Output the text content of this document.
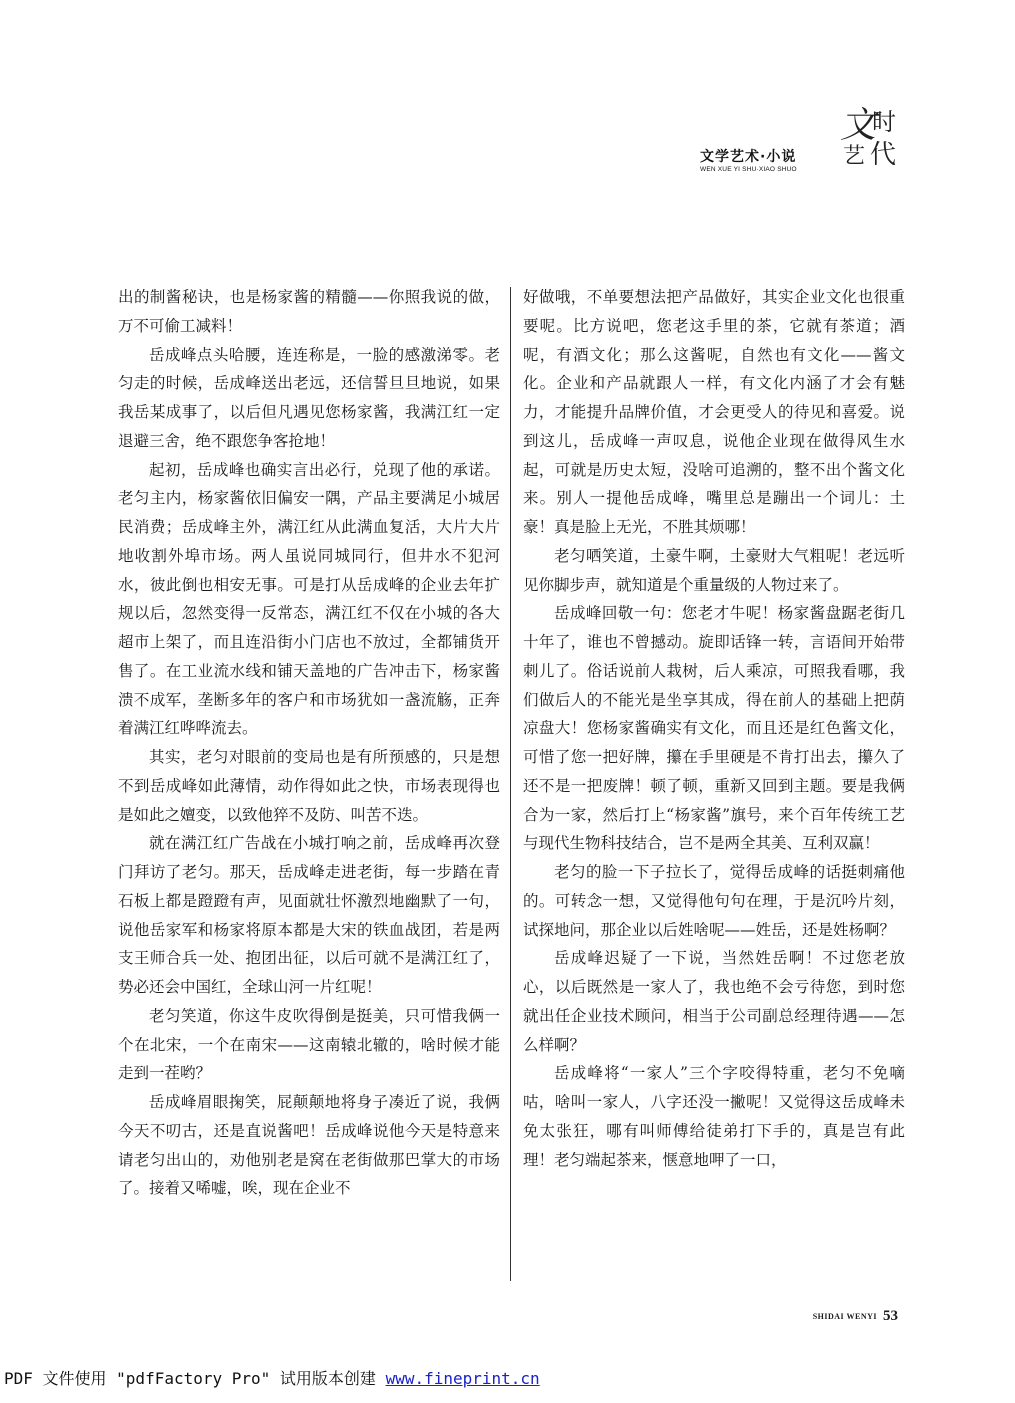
文学艺术·小说
WEN XUE YI SHU·XIAO SHUO
文
时
艺 代

出的制酱秘诀，也是杨家酱的精髓——你照我说的做，万不可偷工减料！

岳成峰点头哈腰，连连称是，一脸的感激涕零。老匀走的时候，岳成峰送出老远，还信誓旦旦地说，如果我岳某成事了，以后但凡遇见您杨家酱，我满江红一定退避三舍，绝不跟您争客抢地！

起初，岳成峰也确实言出必行，兑现了他的承诺。老匀主内，杨家酱依旧偏安一隅，产品主要满足小城居民消费；岳成峰主外，满江红从此满血复活，大片大片地收割外埠市场。两人虽说同城同行，但井水不犯河水，彼此倒也相安无事。可是打从岳成峰的企业去年扩规以后，忽然变得一反常态，满江红不仅在小城的各大超市上架了，而且连沿街小门店也不放过，全都铺货开售了。在工业流水线和铺天盖地的广告冲击下，杨家酱溃不成军，垄断多年的客户和市场犹如一盏流觞，正奔着满江红哗哗流去。

其实，老匀对眼前的变局也是有所预感的，只是想不到岳成峰如此薄情，动作得如此之快，市场表现得也是如此之嬗变，以致他猝不及防、叫苦不迭。

就在满江红广告战在小城打响之前，岳成峰再次登门拜访了老匀。那天，岳成峰走进老街，每一步踏在青石板上都是蹬蹬有声，见面就壮怀激烈地幽默了一句，说他岳家军和杨家将原本都是大宋的铁血战团，若是两支王师合兵一处、抱团出征，以后可就不是满江红了，势必还会中国红，全球山河一片红呢！

老匀笑道，你这牛皮吹得倒是挺美，只可惜我俩一个在北宋，一个在南宋——这南辕北辙的，啥时候才能走到一茬哟？

岳成峰眉眼掬笑，屁颠颠地将身子凑近了说，我俩今天不叨古，还是直说酱吧！岳成峰说他今天是特意来请老匀出山的，劝他别老是窝在老街做那巴掌大的市场了。接着又唏嘘，唉，现在企业不

好做哦，不单要想法把产品做好，其实企业文化也很重要呢。比方说吧，您老这手里的茶，它就有茶道；酒呢，有酒文化；那么这酱呢，自然也有文化——酱文化。企业和产品就跟人一样，有文化内涵了才会有魅力，才能提升品牌价值，才会更受人的待见和喜爱。说到这儿，岳成峰一声叹息，说他企业现在做得风生水起，可就是历史太短，没啥可追溯的，整不出个酱文化来。别人一提他岳成峰，嘴里总是蹦出一个词儿：土豪！真是脸上无光，不胜其烦哪！

老匀哂笑道，土豪牛啊，土豪财大气粗呢！老远听见你脚步声，就知道是个重量级的人物过来了。

岳成峰回敬一句：您老才牛呢！杨家酱盘踞老街几十年了，谁也不曾撼动。旋即话锋一转，言语间开始带刺儿了。俗话说前人栽树，后人乘凉，可照我看哪，我们做后人的不能光是坐享其成，得在前人的基础上把荫凉盘大！您杨家酱确实有文化，而且还是红色酱文化，可惜了您一把好牌，攥在手里硬是不肯打出去，攥久了还不是一把废牌！顿了顿，重新又回到主题。要是我俩合为一家，然后打上“杨家酱”旗号，来个百年传统工艺与现代生物科技结合，岂不是两全其美、互利双赢！

老匀的脸一下子拉长了，觉得岳成峰的话挺刺痛他的。可转念一想，又觉得他句句在理，于是沉吟片刻，试探地问，那企业以后姓啥呢——姓岳，还是姓杨啊？

岳成峰迟疑了一下说，当然姓岳啊！不过您老放心，以后既然是一家人了，我也绝不会亏待您，到时您就出任企业技术顾问，相当于公司副总经理待遇——怎么样啊？

岳成峰将“一家人”三个字咬得特重，老匀不免嘀咕，啥叫一家人，八字还没一撇呢！又觉得这岳成峰未免太张狂，哪有叫师傅给徒弟打下手的，真是岂有此理！老匀端起茶来，惬意地呷了一口，

SHIDAI WENYI 53
PDF 文件使用 "pdfFactory Pro" 试用版本创建 www.fineprint.cn
